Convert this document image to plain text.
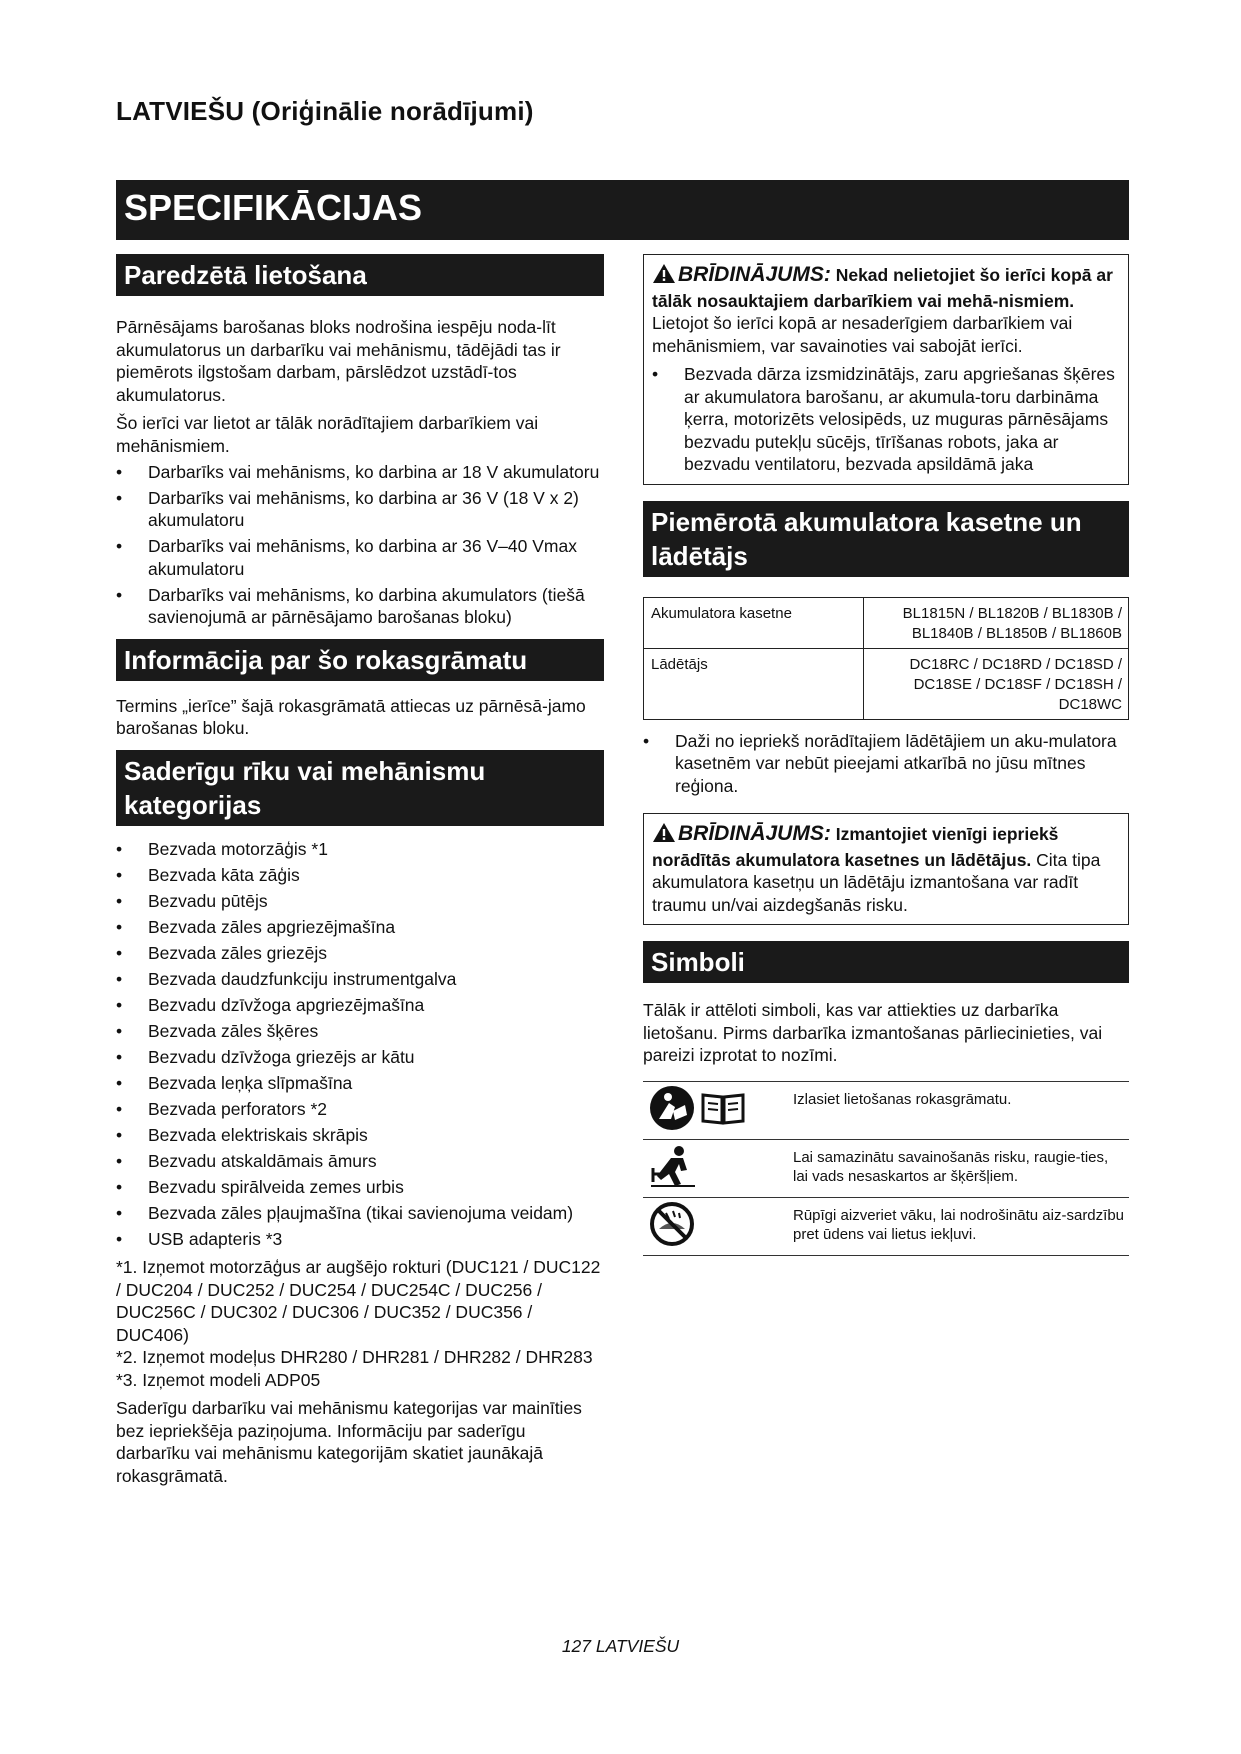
LATVIEŠU (Oriģinālie norādījumi)
SPECIFIKĀCIJAS
Paredzētā lietošana

Pārnēsājams barošanas bloks nodrošina iespēju noda-līt akumulatorus un darbarīku vai mehānismu, tādējādi tas ir piemērots ilgstošam darbam, pārslēdzot uzstādī-tos akumulatorus.

Šo ierīci var lietot ar tālāk norādītajiem darbarīkiem vai mehānismiem.

• Darbarīks vai mehānisms, ko darbina ar 18 V akumulatoru
• Darbarīks vai mehānisms, ko darbina ar 36 V (18 V x 2) akumulatoru
• Darbarīks vai mehānisms, ko darbina ar 36 V–40 Vmax akumulatoru
• Darbarīks vai mehānisms, ko darbina akumulators (tiešā savienojumā ar pārnēsājamo barošanas bloku)
Informācija par šo rokasgrāmatu

Termins „ierīce” šajā rokasgrāmatā attiecas uz pārnēsā-jamo barošanas bloku.

Saderīgu rīku vai mehānismu kategorijas
• Bezvada motorzāģis *1
• Bezvada kāta zāģis
• Bezvadu pūtējs
• Bezvada zāles apgriezējmašīna
• Bezvada zāles griezējs
• Bezvada daudzfunkciju instrumentgalva
• Bezvadu dzīvžoga apgriezējmašīna
• Bezvada zāles šķēres
• Bezvadu dzīvžoga griezējs ar kātu
• Bezvada leņķa slīpmašīna
• Bezvada perforators *2
• Bezvada elektriskais skrāpis
• Bezvadu atskaldāmais āmurs
• Bezvadu spirālveida zemes urbis
• Bezvada zāles pļaujmašīna (tikai savienojuma veidam)
• USB adapteris *3

*1. Izņemot motorzāģus ar augšējo rokturi (DUC121 / DUC122 / DUC204 / DUC252 / DUC254 / DUC254C / DUC256 / DUC256C / DUC302 / DUC306 / DUC352 / DUC356 / DUC406)

*2. Izņemot modeļus DHR280 / DHR281 / DHR282 / DHR283

*3. Izņemot modeli ADP05

Saderīgu darbarīku vai mehānismu kategorijas var mainīties bez iepriekšēja paziņojuma. Informāciju par saderīgu darbarīku vai mehānismu kategorijām skatiet jaunākajā rokasgrāmatā.

BRĪDINĀJUMS: Nekad nelietojiet šo ierīci kopā ar tālāk nosauktajiem darbarīkiem vai mehā-nismiem. Lietojot šo ierīci kopā ar nesaderīgiem darbarīkiem vai mehānismiem, var savainoties vai sabojāt ierīci.
• Bezvada dārza izsmidzinātājs, zaru apgriešanas šķēres ar akumulatora barošanu, ar akumula-toru darbināma ķerra, motorizēts velosipēds, uz muguras pārnēsājams bezvadu putekļu sūcējs, tīrīšanas robots, jaka ar bezvadu ventilatoru, bezvada apsildāmā jaka
Piemērotā akumulatora kasetne un lādētājs
Akumulatora kasetne	BL1815N / BL1820B / BL1830B / BL1840B / BL1850B / BL1860B
Lādētājs	DC18RC / DC18RD / DC18SD / DC18SE / DC18SF / DC18SH / DC18WC
• Daži no iepriekš norādītajiem lādētājiem un aku-mulatora kasetnēm var nebūt pieejami atkarībā no jūsu mītnes reģiona.
BRĪDINĀJUMS: Izmantojiet vienīgi iepriekš norādītās akumulatora kasetnes un lādētājus. Cita tipa akumulatora kasetņu un lādētāju izmantošana var radīt traumu un/vai aizdegšanās risku.
Simboli

Tālāk ir attēloti simboli, kas var attiekties uz darbarīka lietošanu. Pirms darbarīka izmantošanas pārliecinieties, vai pareizi izprotat to nozīmi.

Izlasiet lietošanas rokasgrāmatu.
Lai samazinātu savainošanās risku, raugie-ties, lai vads nesaskartos ar šķēršļiem.
Rūpīgi aizveriet vāku, lai nodrošinātu aiz-sardzību pret ūdens vai lietus iekļuvi.
127 LATVIEŠU
